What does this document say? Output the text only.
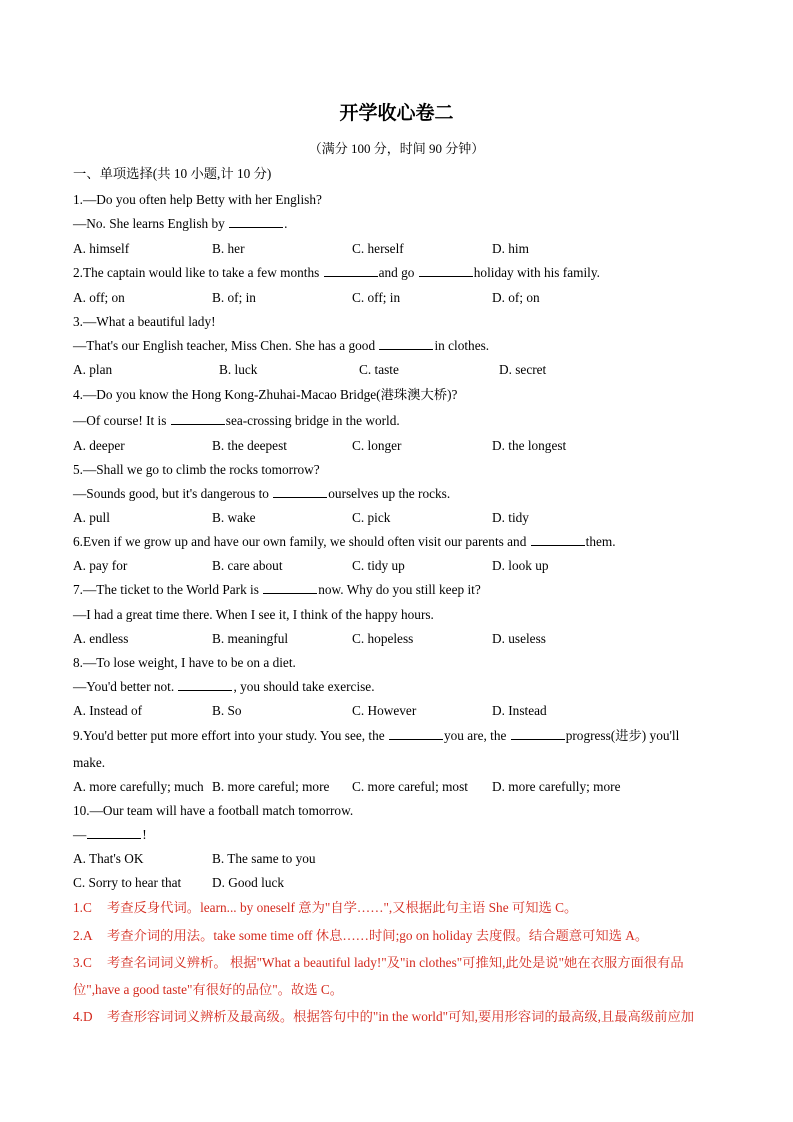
开学收心卷二
（满分 100 分，时间 90 分钟）
一、单项选择(共 10 小题,计 10 分)
1.—Do you often help Betty with her English?
—No. She learns English by	.
A. himself	B. her	C. herself	D. him
2.The captain would like to take a few months	and go	holiday with his family.
A. off; on	B. of; in	C. off; in	D. of; on
3.—What a beautiful lady!
—That's our English teacher, Miss Chen. She has a good	in clothes.
A. plan	B. luck	C. taste	D. secret
4.—Do you know the Hong Kong-Zhuhai-Macao Bridge(港珠澳大桥)?
—Of course! It is	sea-crossing bridge in the world.
A. deeper	B. the deepest	C. longer	D. the longest
5.—Shall we go to climb the rocks tomorrow?
—Sounds good, but it's dangerous to	ourselves up the rocks.
A. pull	B. wake	C. pick	D. tidy
6.Even if we grow up and have our own family, we should often visit our parents and	them.
A. pay for	B. care about	C. tidy up	D. look up
7.—The ticket to the World Park is	now. Why do you still keep it?
—I had a great time there. When I see it, I think of the happy hours.
A. endless	B. meaningful	C. hopeless	D. useless
8.—To lose weight, I have to be on a diet.
—You'd better not.	, you should take exercise.
A. Instead of	B. So	C. However	D. Instead
9.You'd better put more effort into your study. You see, the	you are, the	progress(进步) you'll
make.
A. more carefully; much B. more careful; more C. more careful; most D. more carefully; more
10.—Our team will have a football match tomorrow.
—	!
A. That's OK	B. The same to you
C. Sorry to hear that D. Good luck
1.C 考查反身代词。learn... by oneself 意为"自学……",又根据此句主语 She 可知选 C。
2.A 考查介词的用法。take some time off 休息……时间;go on holiday 去度假。结合题意可知选 A。
3.C 考查名词词义辨析。 根据"What a beautiful lady!"及"in clothes"可推知,此处是说"她在衣服方面很有品
位",have a good taste"有很好的品位"。故选 C。
4.D 考查形容词词义辨析及最高级。根据答句中的"in the world"可知,要用形容词的最高级,且最高级前应加
